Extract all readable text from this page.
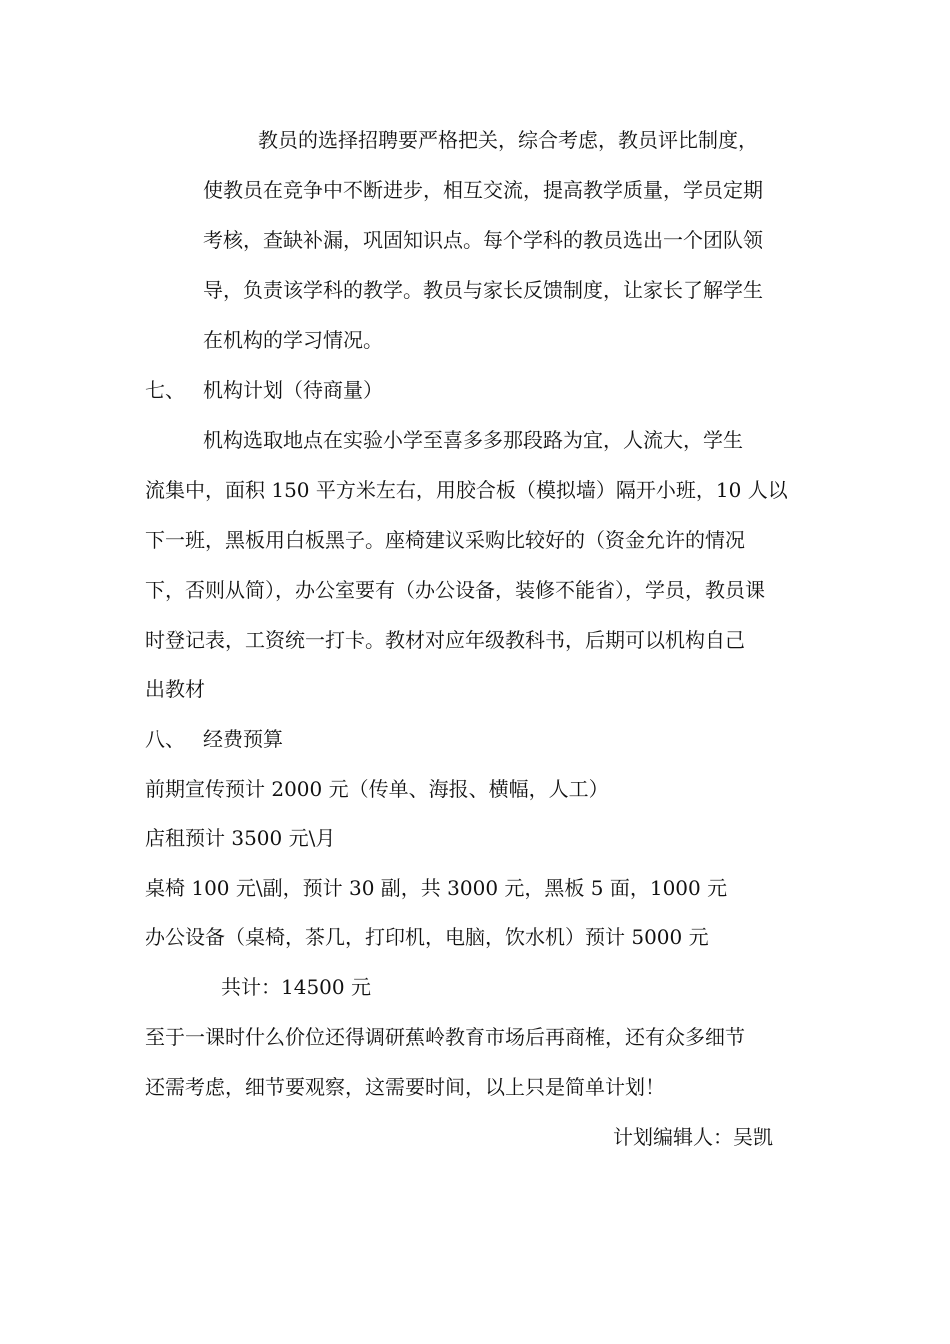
教员的选择招聘要严格把关，综合考虑，教员评比制度，
使教员在竞争中不断进步，相互交流，提高教学质量，学员定期
考核，查缺补漏，巩固知识点。每个学科的教员选出一个团队领
导，负责该学科的教学。教员与家长反馈制度，让家长了解学生
在机构的学习情况。
七、 机构计划（待商量）
机构选取地点在实验小学至喜多多那段路为宜，人流大，学生
流集中，面积 150 平方米左右，用胶合板（模拟墙）隔开小班，10 人以
下一班，黑板用白板黑子。座椅建议采购比较好的（资金允许的情况
下，否则从简），办公室要有（办公设备，装修不能省），学员，教员课
时登记表，工资统一打卡。教材对应年级教科书，后期可以机构自己
出教材
八、 经费预算
前期宣传预计 2000 元（传单、海报、横幅，人工）
店租预计 3500 元\月
桌椅 100 元\副，预计 30 副，共 3000 元，黑板 5 面，1000 元
办公设备（桌椅，茶几，打印机，电脑，饮水机）预计 5000 元
共计：14500 元
至于一课时什么价位还得调研蕉岭教育市场后再商榷，还有众多细节
还需考虑，细节要观察，这需要时间，以上只是简单计划！
计划编辑人：吴凯
